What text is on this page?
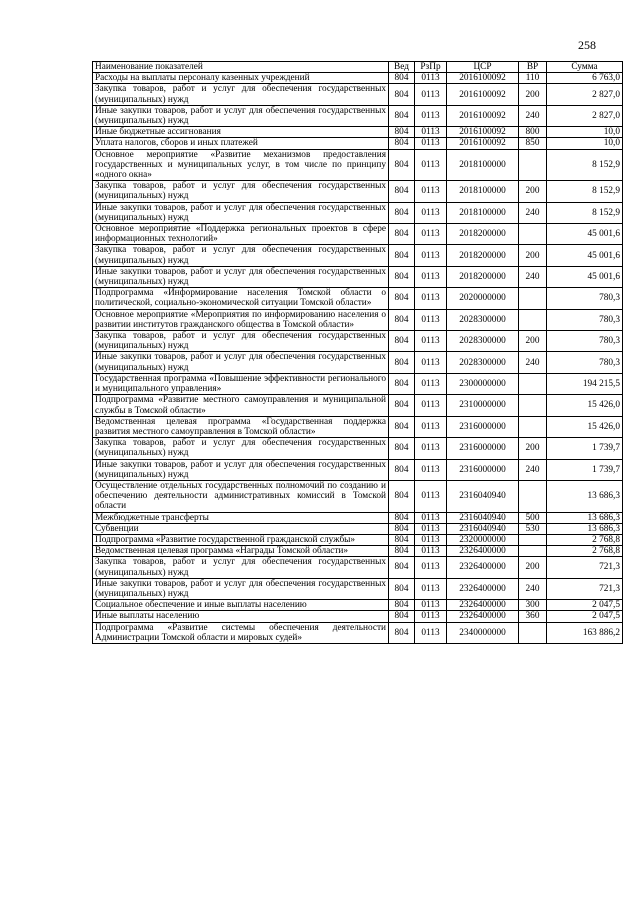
258
Наименование показателей	Вед	РзПр	ЦСР	ВР	Сумма
Расходы на выплаты персоналу казенных учреждений	804	0113	2016100092	110	6 763,0
Закупка товаров, работ и услуг для обеспечения государственных (муниципальных) нужд	804	0113	2016100092	200	2 827,0
Иные закупки товаров, работ и услуг для обеспечения государственных (муниципальных) нужд	804	0113	2016100092	240	2 827,0
Иные бюджетные ассигнования	804	0113	2016100092	800	10,0
Уплата налогов, сборов и иных платежей	804	0113	2016100092	850	10,0
Основное мероприятие «Развитие механизмов предоставления государственных и муниципальных услуг, в том числе по принципу «одного окна»	804	0113	2018100000		8 152,9
Закупка товаров, работ и услуг для обеспечения государственных (муниципальных) нужд	804	0113	2018100000	200	8 152,9
Иные закупки товаров, работ и услуг для обеспечения государственных (муниципальных) нужд	804	0113	2018100000	240	8 152,9
Основное мероприятие «Поддержка региональных проектов в сфере информационных технологий»	804	0113	2018200000		45 001,6
Закупка товаров, работ и услуг для обеспечения государственных (муниципальных) нужд	804	0113	2018200000	200	45 001,6
Иные закупки товаров, работ и услуг для обеспечения государственных (муниципальных) нужд	804	0113	2018200000	240	45 001,6
Подпрограмма «Информирование населения Томской области о политической, социально-экономической ситуации Томской области»	804	0113	2020000000		780,3
Основное мероприятие «Мероприятия по информированию населения о развитии институтов гражданского общества в Томской области»	804	0113	2028300000		780,3
Закупка товаров, работ и услуг для обеспечения государственных (муниципальных) нужд	804	0113	2028300000	200	780,3
Иные закупки товаров, работ и услуг для обеспечения государственных (муниципальных) нужд	804	0113	2028300000	240	780,3
Государственная программа «Повышение эффективности регионального и муниципального управления»	804	0113	2300000000		194 215,5
Подпрограмма «Развитие местного самоуправления и муниципальной службы в Томской области»	804	0113	2310000000		15 426,0
Ведомственная целевая программа «Государственная поддержка развития местного самоуправления в Томской области»	804	0113	2316000000		15 426,0
Закупка товаров, работ и услуг для обеспечения государственных (муниципальных) нужд	804	0113	2316000000	200	1 739,7
Иные закупки товаров, работ и услуг для обеспечения государственных (муниципальных) нужд	804	0113	2316000000	240	1 739,7
Осуществление отдельных государственных полномочий по созданию и обеспечению деятельности административных комиссий в Томской области	804	0113	2316040940		13 686,3
Межбюджетные трансферты	804	0113	2316040940	500	13 686,3
Субвенции	804	0113	2316040940	530	13 686,3
Подпрограмма «Развитие государственной гражданской службы»	804	0113	2320000000		2 768,8
Ведомственная целевая программа «Награды Томской области»	804	0113	2326400000		2 768,8
Закупка товаров, работ и услуг для обеспечения государственных (муниципальных) нужд	804	0113	2326400000	200	721,3
Иные закупки товаров, работ и услуг для обеспечения государственных (муниципальных) нужд	804	0113	2326400000	240	721,3
Социальное обеспечение и иные выплаты населению	804	0113	2326400000	300	2 047,5
Иные выплаты населению	804	0113	2326400000	360	2 047,5
Подпрограмма «Развитие системы обеспечения деятельности Администрации Томской области и мировых судей»	804	0113	2340000000		163 886,2
